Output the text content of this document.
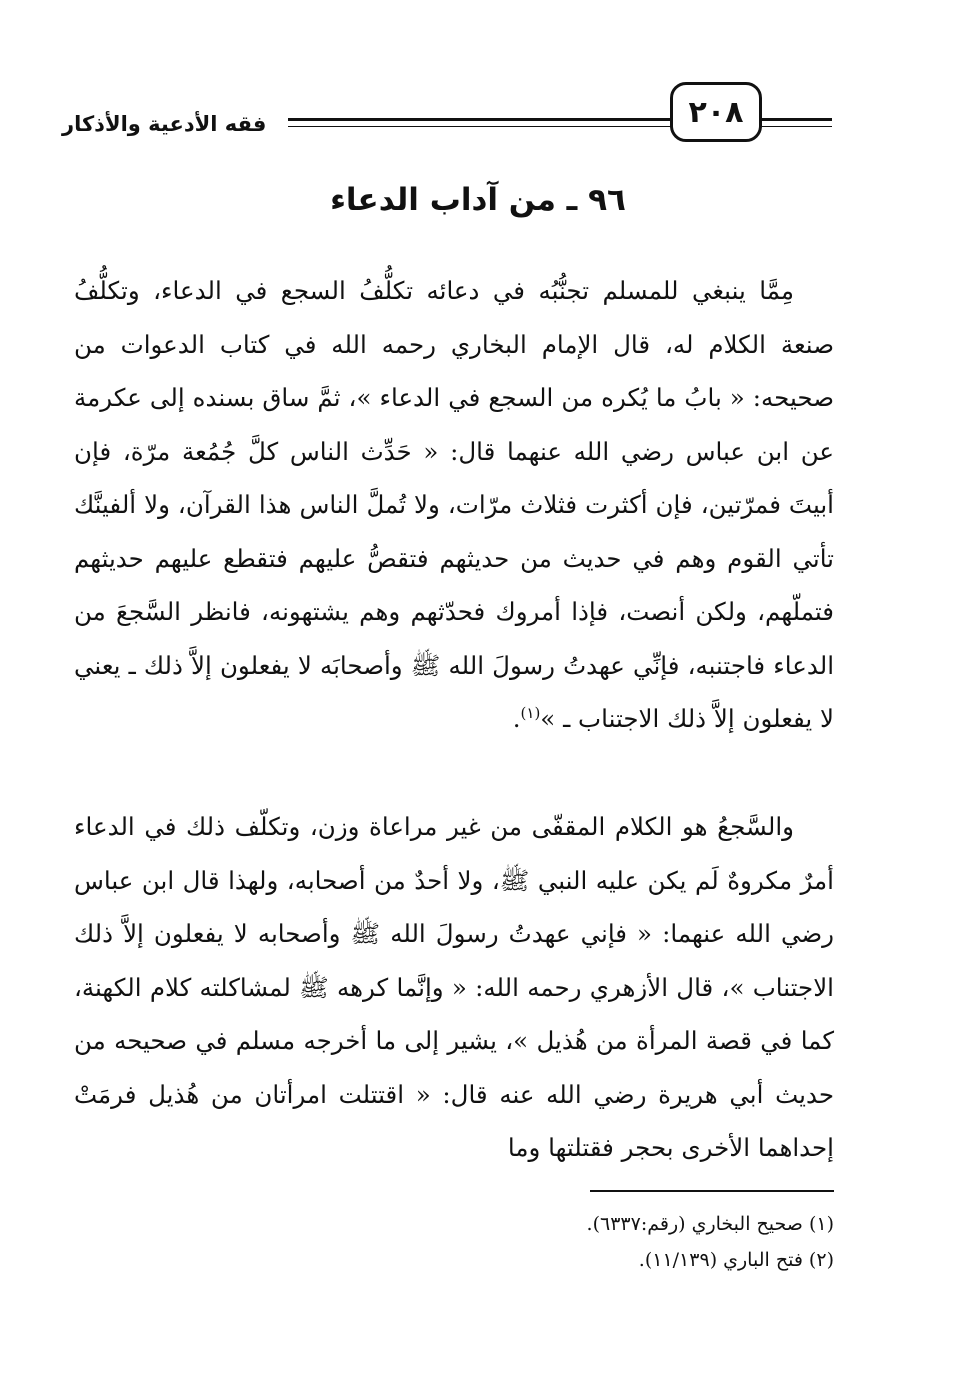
فقه الأدعية والأذكار	٢٠٨
٩٦ ـ من آداب الدعاء

مِمَّا ينبغي للمسلم تجنُّبُه في دعائه تكلُّفُ السجع في الدعاء، وتكلُّفُ صنعة الكلام له، قال الإمام البخاري رحمه الله في كتاب الدعوات من صحيحه: « بابُ ما يُكره من السجع في الدعاء »، ثمَّ ساق بسنده إلى عكرمة عن ابن عباس رضي الله عنهما قال: « حَدِّث الناس كلَّ جُمُعة مرّة، فإن أبيتَ فمرّتين، فإن أكثرت فثلاث مرّات، ولا تُملَّ الناس هذا القرآن، ولا ألفينَّك تأتي القوم وهم في حديث من حديثهم فتقصُّ عليهم فتقطع عليهم حديثهم فتملّهم، ولكن أنصت، فإذا أمروك فحدّثهم وهم يشتهونه، فانظر السَّجعَ من الدعاء فاجتنبه، فإنِّي عهدتُ رسولَ الله ﷺ وأصحابَه لا يفعلون إلاَّ ذلك ـ يعني لا يفعلون إلاَّ ذلك الاجتناب ـ »$^{(١)}$.

والسَّجعُ هو الكلام المقفّى من غير مراعاة وزن، وتكلّف ذلك في الدعاء أمرٌ مكروهٌ لَم يكن عليه النبي ﷺ، ولا أحدٌ من أصحابه، ولهذا قال ابن عباس رضي الله عنهما: « فإني عهدتُ رسولَ الله ﷺ وأصحابه لا يفعلون إلاَّ ذلك الاجتناب »، قال الأزهري رحمه الله: « وإنَّما كرهه ﷺ لمشاكلته كلام الكهنة، كما في قصة المرأة من هُذيل »، يشير إلى ما أخرجه مسلم في صحيحه من حديث أبي هريرة رضي الله عنه قال: « اقتتلت امرأتان من هُذيل فرمَتْ إحداهما الأخرى بحجر فقتلتها وما

(١) صحيح البخاري (رقم:٦٣٣٧).
(٢) فتح الباري (١١/١٣٩).
